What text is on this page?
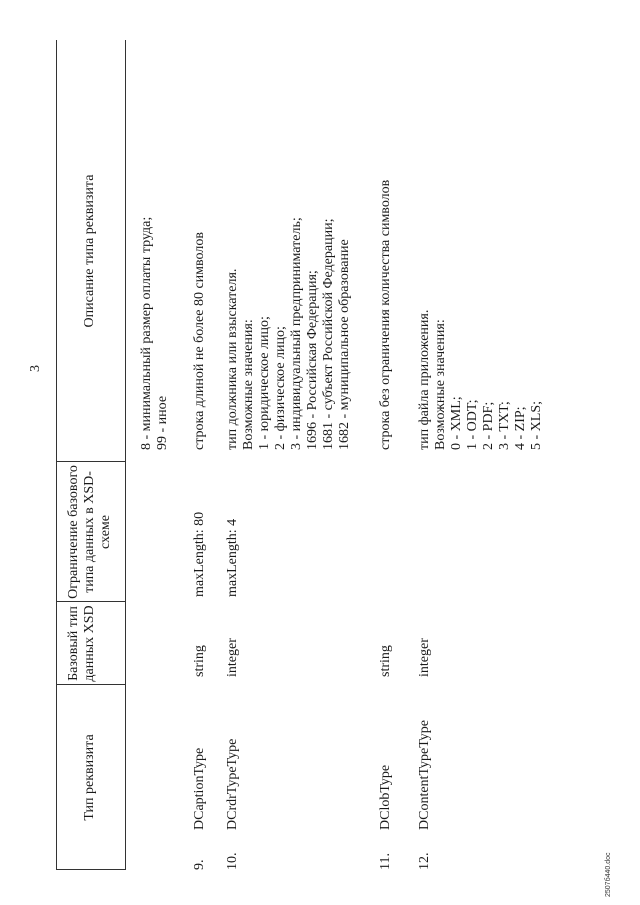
3
Тип реквизита
Базовый тип данных XSD
Ограничение базового типа данных в XSD-схеме
Описание типа реквизита	8 - минимальный размер оплаты труда; 99 - иное
9.
DCaptionType
string
maxLength: 80
строка длиной не более 80 символов
10.
DCrdrTypeType
integer
maxLength: 4
тип должника или взыскателя. Возможные значения: 1 - юридическое лицо; 2 - физическое лицо; 3 - индивидуальный предприниматель; 1696 - Российская Федерация; 1681 - субъект Российской Федерации; 1682 - муниципальное образование
11.
DClobType
string
строка без ограничения количества символов
12.
DContentTypeType
integer
тип файла приложения. Возможные значения: 0 - XML; 1 - ODT; 2 - PDF; 3 - TXT; 4 - ZIP; 5 - XLS;
2507б440.doc
